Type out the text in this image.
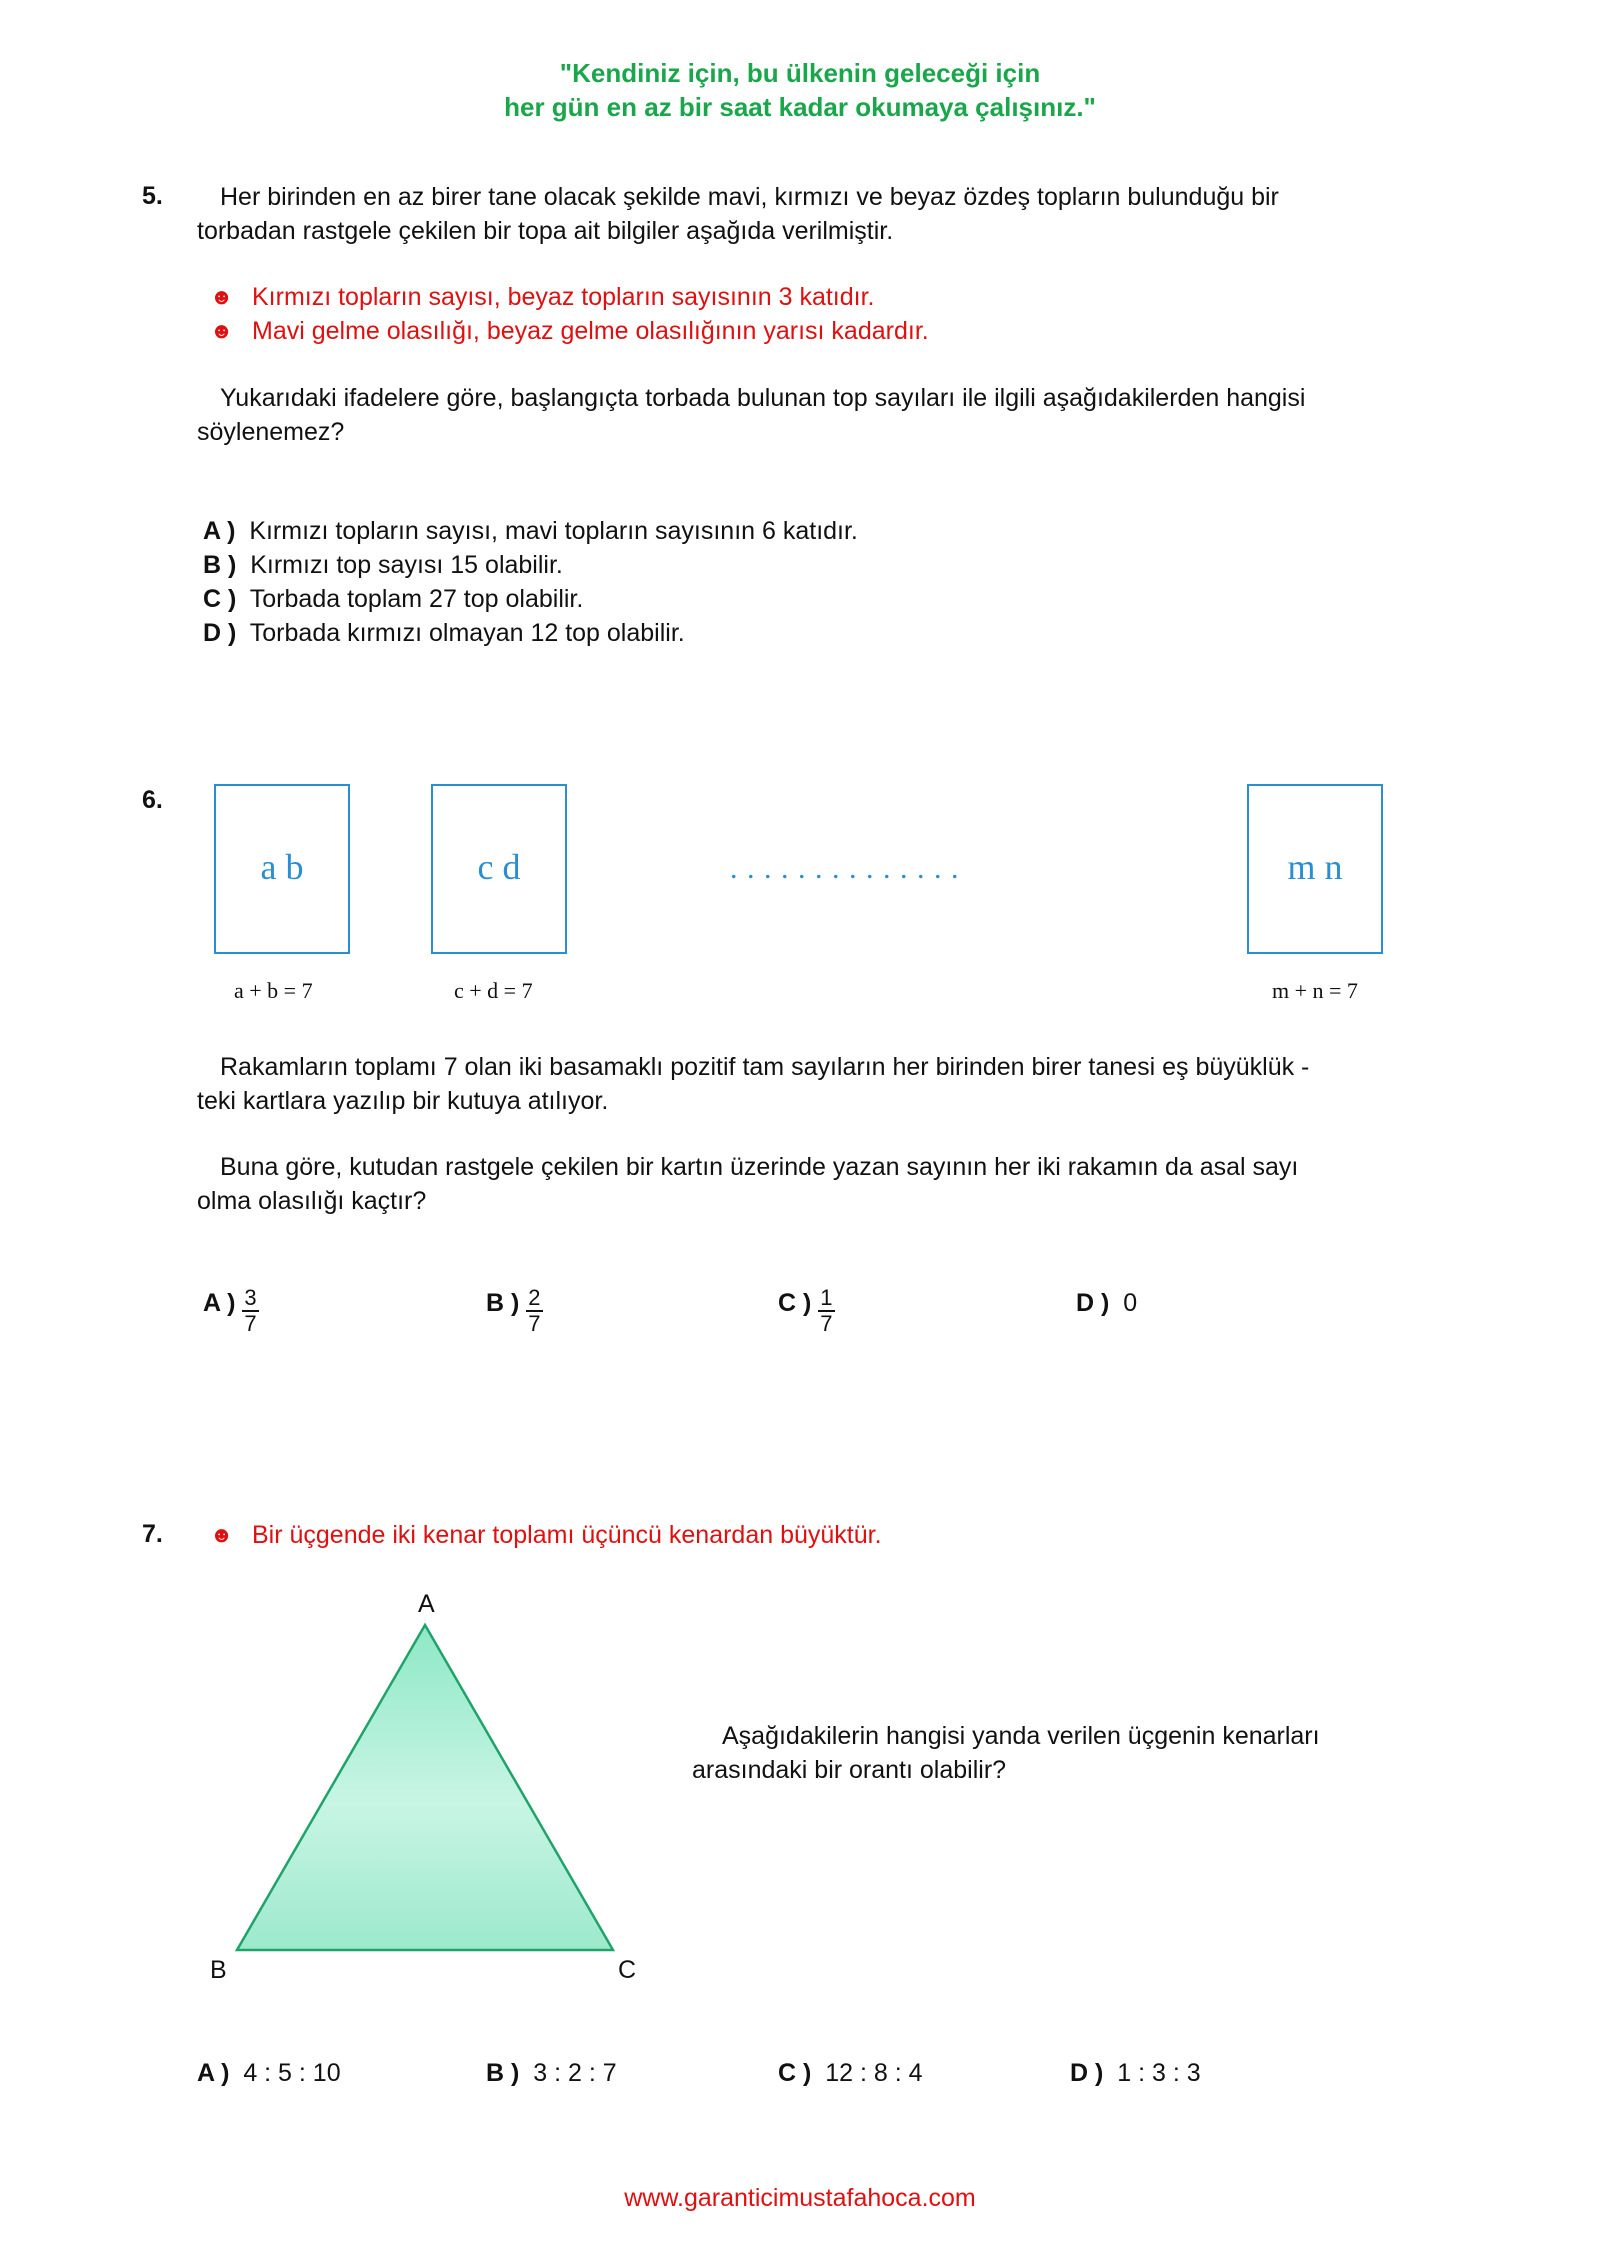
"Kendiniz için, bu ülkenin geleceği için
her gün en az bir saat kadar okumaya çalışınız."
5. Her birinden en az birer tane olacak şekilde mavi, kırmızı ve beyaz özdeş topların bulunduğu bir
torbadan rastgele çekilen bir topa ait bilgiler aşağıda verilmiştir.
☻ Kırmızı topların sayısı, beyaz topların sayısının 3 katıdır.
☻ Mavi gelme olasılığı, beyaz gelme olasılığının yarısı kadardır.
Yukarıdaki ifadelere göre, başlangıçta torbada bulunan top sayıları ile ilgili aşağıdakilerden hangisi
söylenemez?
A ) Kırmızı topların sayısı, mavi topların sayısının 6 katıdır.
B ) Kırmızı top sayısı 15 olabilir.
C ) Torbada toplam 27 top olabilir.
D ) Torbada kırmızı olmayan 12 top olabilir.
6.
a b	c d	. . . . . . . . . . . . . .	m n
a + b = 7	c + d = 7	m + n = 7
Rakamların toplamı 7 olan iki basamaklı pozitif tam sayıların her birinden birer tanesi eş büyüklük -
teki kartlara yazılıp bir kutuya atılıyor.
Buna göre, kutudan rastgele çekilen bir kartın üzerinde yazan sayının her iki rakamın da asal sayı
olma olasılığı kaçtır?
A ) $\frac{3}{7}$	B ) $\frac{2}{7}$	C ) $\frac{1}{7}$	D ) 0
7. ☻ Bir üçgende iki kenar toplamı üçüncü kenardan büyüktür.
A
B	C
Aşağıdakilerin hangisi yanda verilen üçgenin kenarları
arasındaki bir orantı olabilir?
A ) 4 : 5 : 10	B ) 3 : 2 : 7	C ) 12 : 8 : 4	D ) 1 : 3 : 3
www.garanticimustafahoca.com
